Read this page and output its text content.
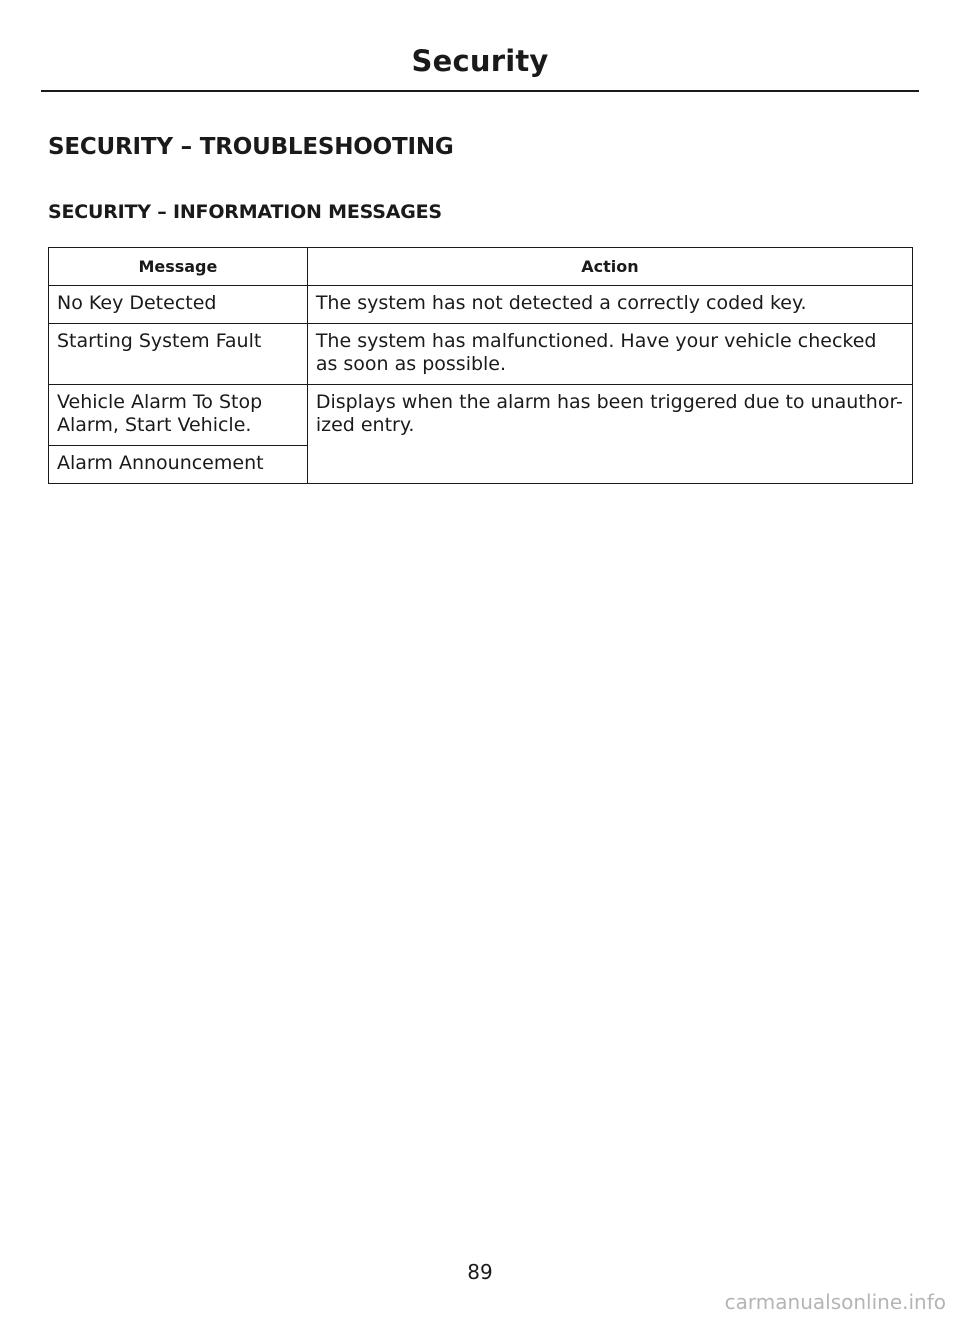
Security
SECURITY – TROUBLESHOOTING
SECURITY – INFORMATION MESSAGES
Message	Action
No Key Detected	The system has not detected a correctly coded key.
Starting System Fault	The system has malfunctioned. Have your vehicle checked as soon as possible.
Vehicle Alarm To Stop Alarm, Start Vehicle.	Displays when the alarm has been triggered due to unauthor-ized entry.
Alarm Announcement	
89
carmanualsonline.info
